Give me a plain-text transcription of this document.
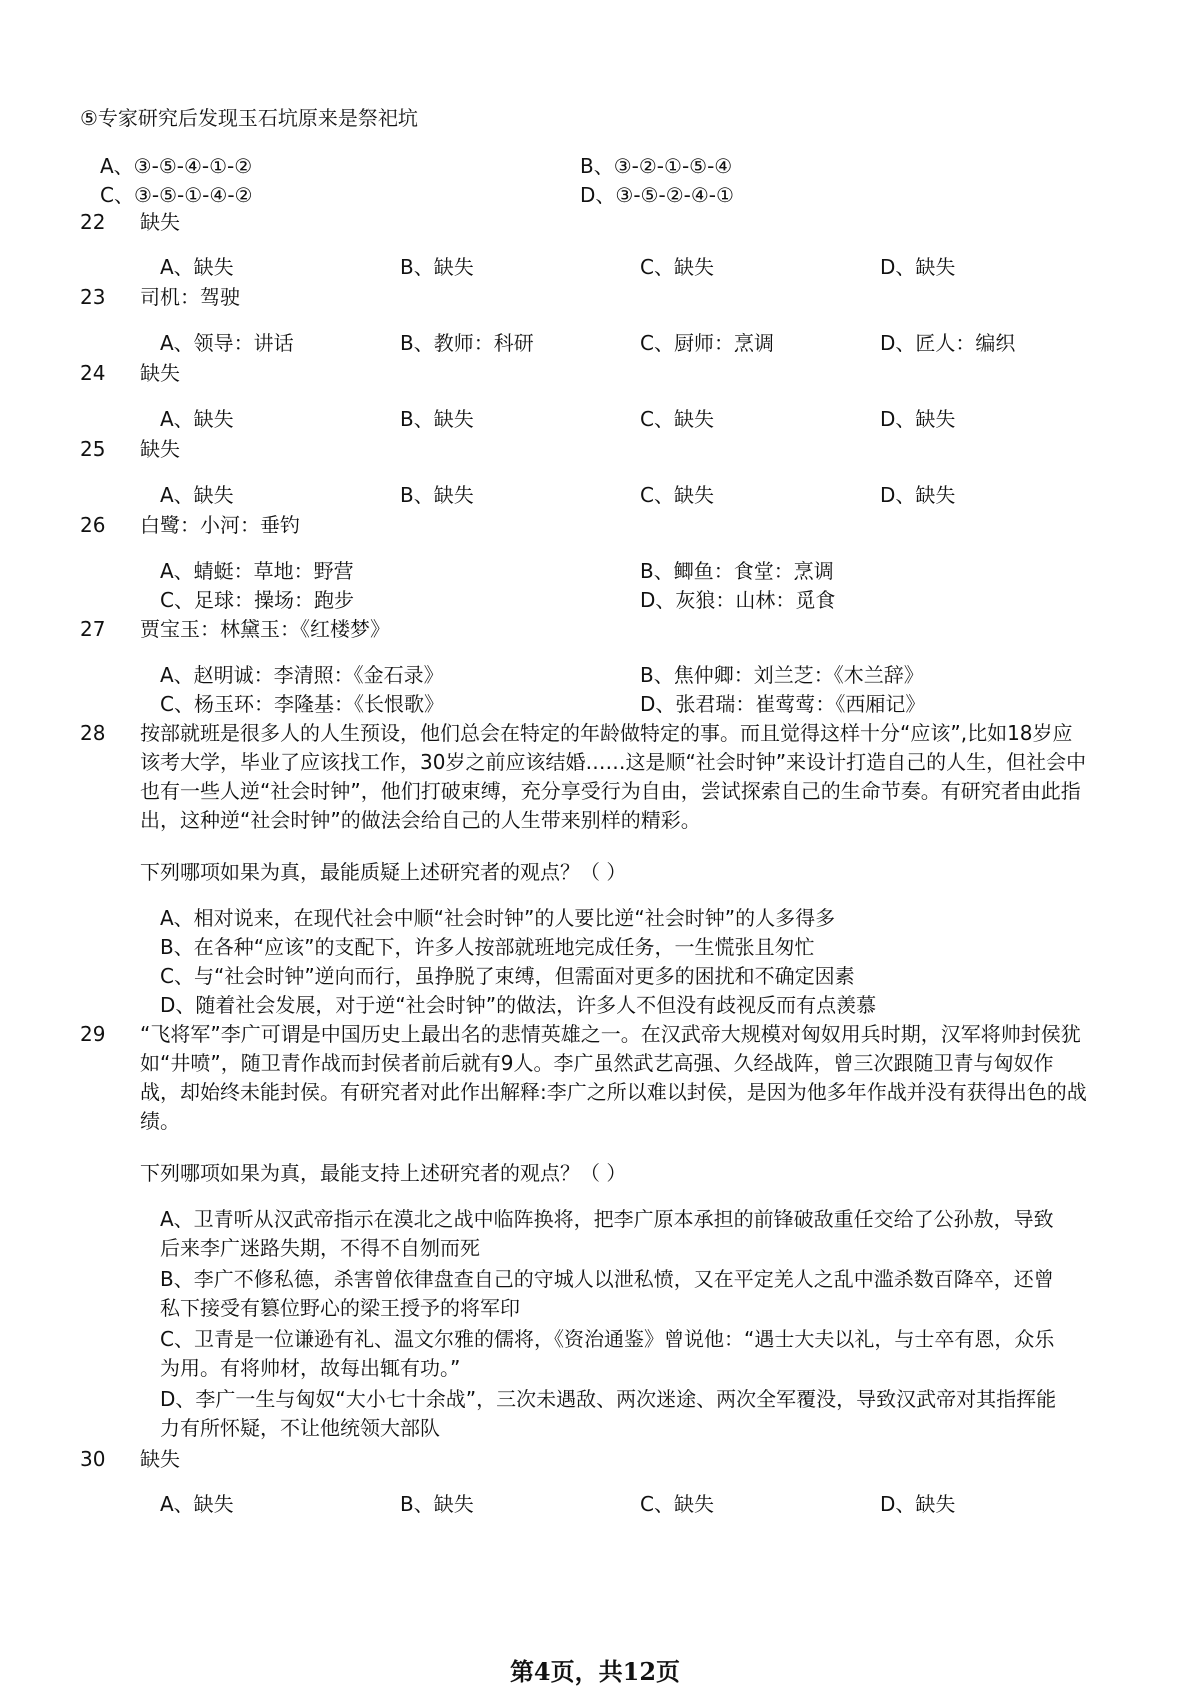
⑤专家研究后发现玉石坑原来是祭祀坑
A、③-⑤-④-①-②	B、③-②-①-⑤-④
C、③-⑤-①-④-②	D、③-⑤-②-④-①
22 缺失
A、缺失	B、缺失	C、缺失	D、缺失
23 司机：驾驶
A、领导：讲话	B、教师：科研	C、厨师：烹调	D、匠人：编织
24 缺失
A、缺失	B、缺失	C、缺失	D、缺失
25 缺失
A、缺失	B、缺失	C、缺失	D、缺失
26 白鹭：小河：垂钓
A、蜻蜓：草地：野营	B、鲫鱼：食堂：烹调
C、足球：操场：跑步	D、灰狼：山林：觅食
27 贾宝玉：林黛玉：《红楼梦》
A、赵明诚：李清照：《金石录》	B、焦仲卿：刘兰芝：《木兰辞》
C、杨玉环：李隆基：《长恨歌》	D、张君瑞：崔莺莺：《西厢记》
28 按部就班是很多人的人生预设，他们总会在特定的年龄做特定的事。而且觉得这样十分“应该”,比如18岁应该考大学，毕业了应该找工作，30岁之前应该结婚……这是顺“社会时钟”来设计打造自己的人生，但社会中也有一些人逆“社会时钟”，他们打破束缚，充分享受行为自由，尝试探索自己的生命节奏。有研究者由此指出，这种逆“社会时钟”的做法会给自己的人生带来别样的精彩。
下列哪项如果为真，最能质疑上述研究者的观点？（ ）
A、相对说来，在现代社会中顺“社会时钟”的人要比逆“社会时钟”的人多得多
B、在各种“应该”的支配下，许多人按部就班地完成任务，一生慌张且匆忙
C、与“社会时钟”逆向而行，虽挣脱了束缚，但需面对更多的困扰和不确定因素
D、随着社会发展，对于逆“社会时钟”的做法，许多人不但没有歧视反而有点羡慕
29 “飞将军”李广可谓是中国历史上最出名的悲情英雄之一。在汉武帝大规模对匈奴用兵时期，汉军将帅封侯犹如“井喷”，随卫青作战而封侯者前后就有9人。李广虽然武艺高强、久经战阵，曾三次跟随卫青与匈奴作战，却始终未能封侯。有研究者对此作出解释:李广之所以难以封侯，是因为他多年作战并没有获得出色的战绩。
下列哪项如果为真，最能支持上述研究者的观点？（ ）
A、卫青听从汉武帝指示在漠北之战中临阵换将，把李广原本承担的前锋破敌重任交给了公孙敖，导致后来李广迷路失期，不得不自刎而死
B、李广不修私德，杀害曾依律盘查自己的守城人以泄私愤，又在平定羌人之乱中滥杀数百降卒，还曾私下接受有篡位野心的梁王授予的将军印
C、卫青是一位谦逊有礼、温文尔雅的儒将，《资治通鉴》曾说他：“遇士大夫以礼，与士卒有恩，众乐为用。有将帅材，故每出辄有功。”
D、李广一生与匈奴“大小七十余战”，三次未遇敌、两次迷途、两次全军覆没，导致汉武帝对其指挥能力有所怀疑，不让他统领大部队
30 缺失
A、缺失	B、缺失	C、缺失	D、缺失
第4页，共12页
